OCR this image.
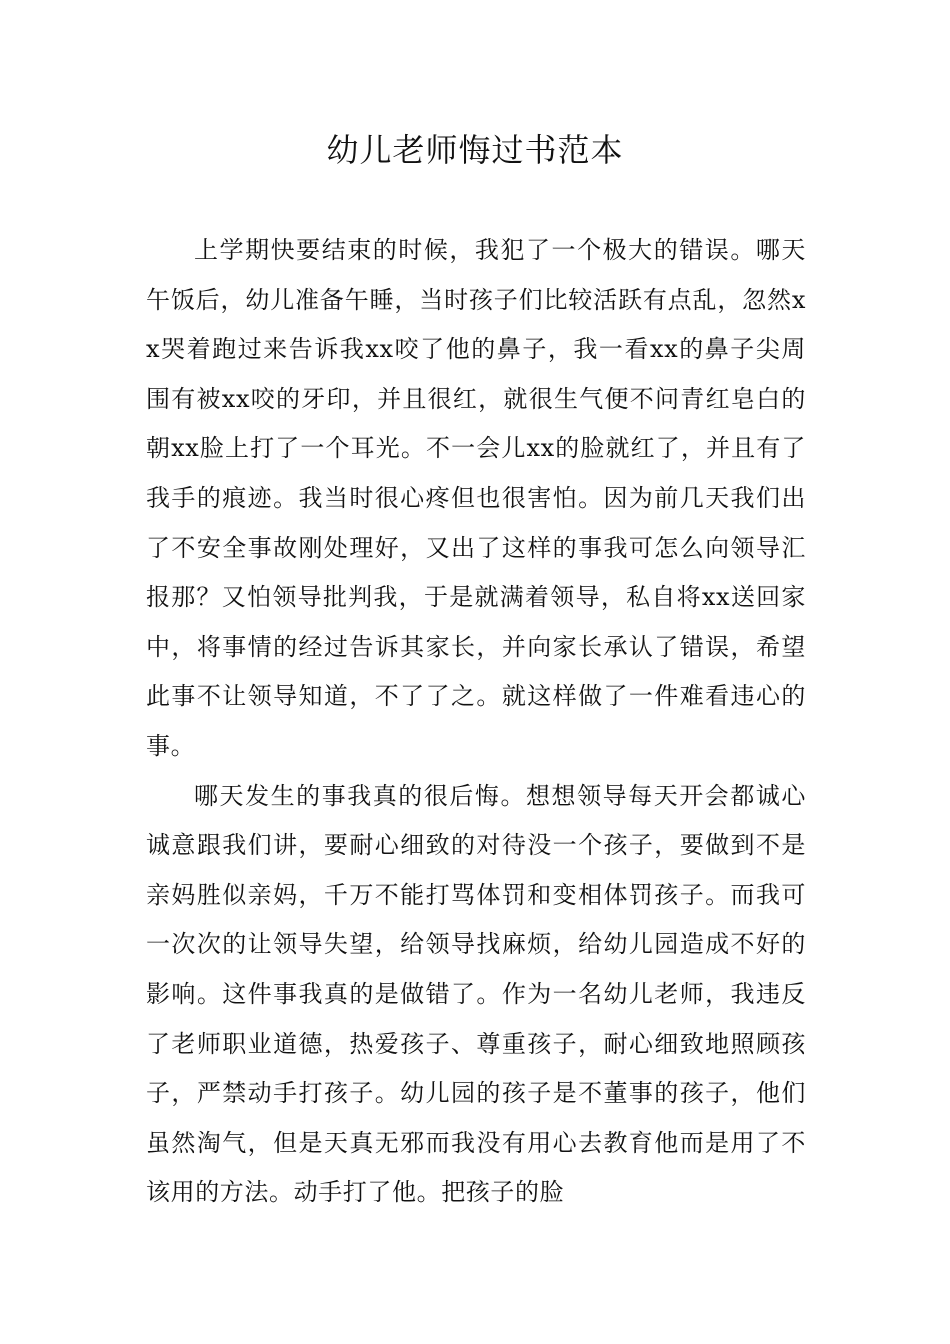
幼儿老师悔过书范本

上学期快要结束的时候，我犯了一个极大的错误。哪天午饭后，幼儿准备午睡，当时孩子们比较活跃有点乱，忽然xx哭着跑过来告诉我xx咬了他的鼻子，我一看xx的鼻子尖周围有被xx咬的牙印，并且很红，就很生气便不问青红皂白的朝xx脸上打了一个耳光。不一会儿xx的脸就红了，并且有了我手的痕迹。我当时很心疼但也很害怕。因为前几天我们出了不安全事故刚处理好，又出了这样的事我可怎么向领导汇报那？又怕领导批判我，于是就满着领导，私自将xx送回家中，将事情的经过告诉其家长，并向家长承认了错误，希望此事不让领导知道，不了了之。就这样做了一件难看违心的事。

哪天发生的事我真的很后悔。想想领导每天开会都诚心诚意跟我们讲，要耐心细致的对待没一个孩子，要做到不是亲妈胜似亲妈，千万不能打骂体罚和变相体罚孩子。而我可一次次的让领导失望，给领导找麻烦，给幼儿园造成不好的影响。这件事我真的是做错了。作为一名幼儿老师，我违反了老师职业道德，热爱孩子、尊重孩子，耐心细致地照顾孩子，严禁动手打孩子。幼儿园的孩子是不董事的孩子，他们虽然淘气，但是天真无邪而我没有用心去教育他而是用了不该用的方法。动手打了他。把孩子的脸
